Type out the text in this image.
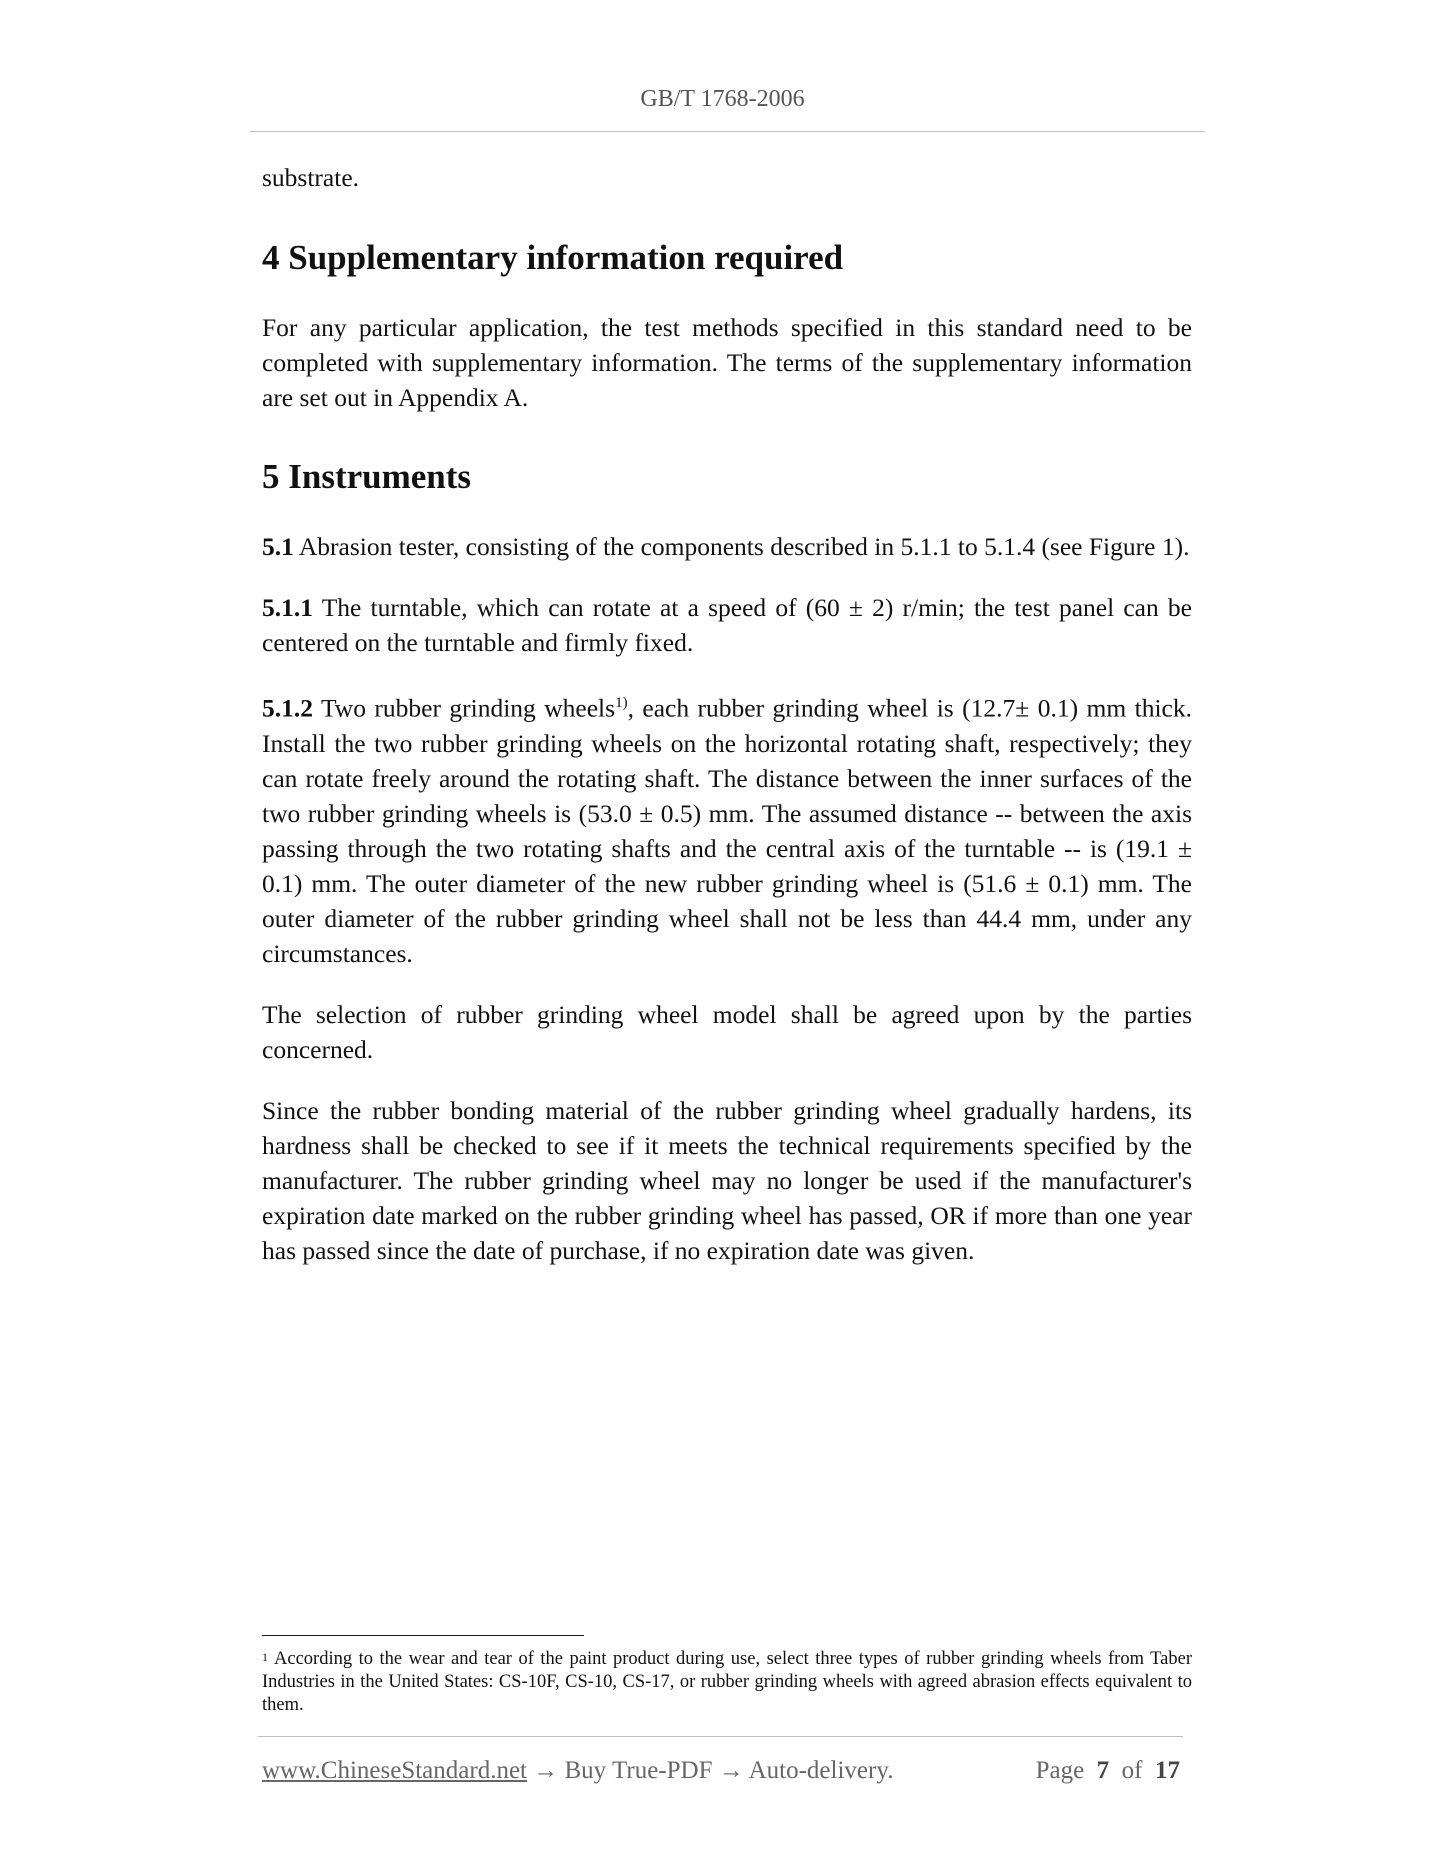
GB/T 1768-2006

substrate.

4 Supplementary information required

For any particular application, the test methods specified in this standard need to be completed with supplementary information. The terms of the supplementary information are set out in Appendix A.

5 Instruments

5.1 Abrasion tester, consisting of the components described in 5.1.1 to 5.1.4 (see Figure 1).

5.1.1 The turntable, which can rotate at a speed of (60 ± 2) r/min; the test panel can be centered on the turntable and firmly fixed.

5.1.2 Two rubber grinding wheels$^{1)}$, each rubber grinding wheel is (12.7± 0.1) mm thick. Install the two rubber grinding wheels on the horizontal rotating shaft, respectively; they can rotate freely around the rotating shaft. The distance between the inner surfaces of the two rubber grinding wheels is (53.0 ± 0.5) mm. The assumed distance -- between the axis passing through the two rotating shafts and the central axis of the turntable -- is (19.1 ± 0.1) mm. The outer diameter of the new rubber grinding wheel is (51.6 ± 0.1) mm. The outer diameter of the rubber grinding wheel shall not be less than 44.4 mm, under any circumstances.

The selection of rubber grinding wheel model shall be agreed upon by the parties concerned.

Since the rubber bonding material of the rubber grinding wheel gradually hardens, its hardness shall be checked to see if it meets the technical requirements specified by the manufacturer. The rubber grinding wheel may no longer be used if the manufacturer's expiration date marked on the rubber grinding wheel has passed, OR if more than one year has passed since the date of purchase, if no expiration date was given.

$^1$ According to the wear and tear of the paint product during use, select three types of rubber grinding wheels from Taber Industries in the United States: CS-10F, CS-10, CS-17, or rubber grinding wheels with agreed abrasion effects equivalent to them.
www.ChineseStandard.net → Buy True-PDF → Auto-delivery.	Page 7 of 17
